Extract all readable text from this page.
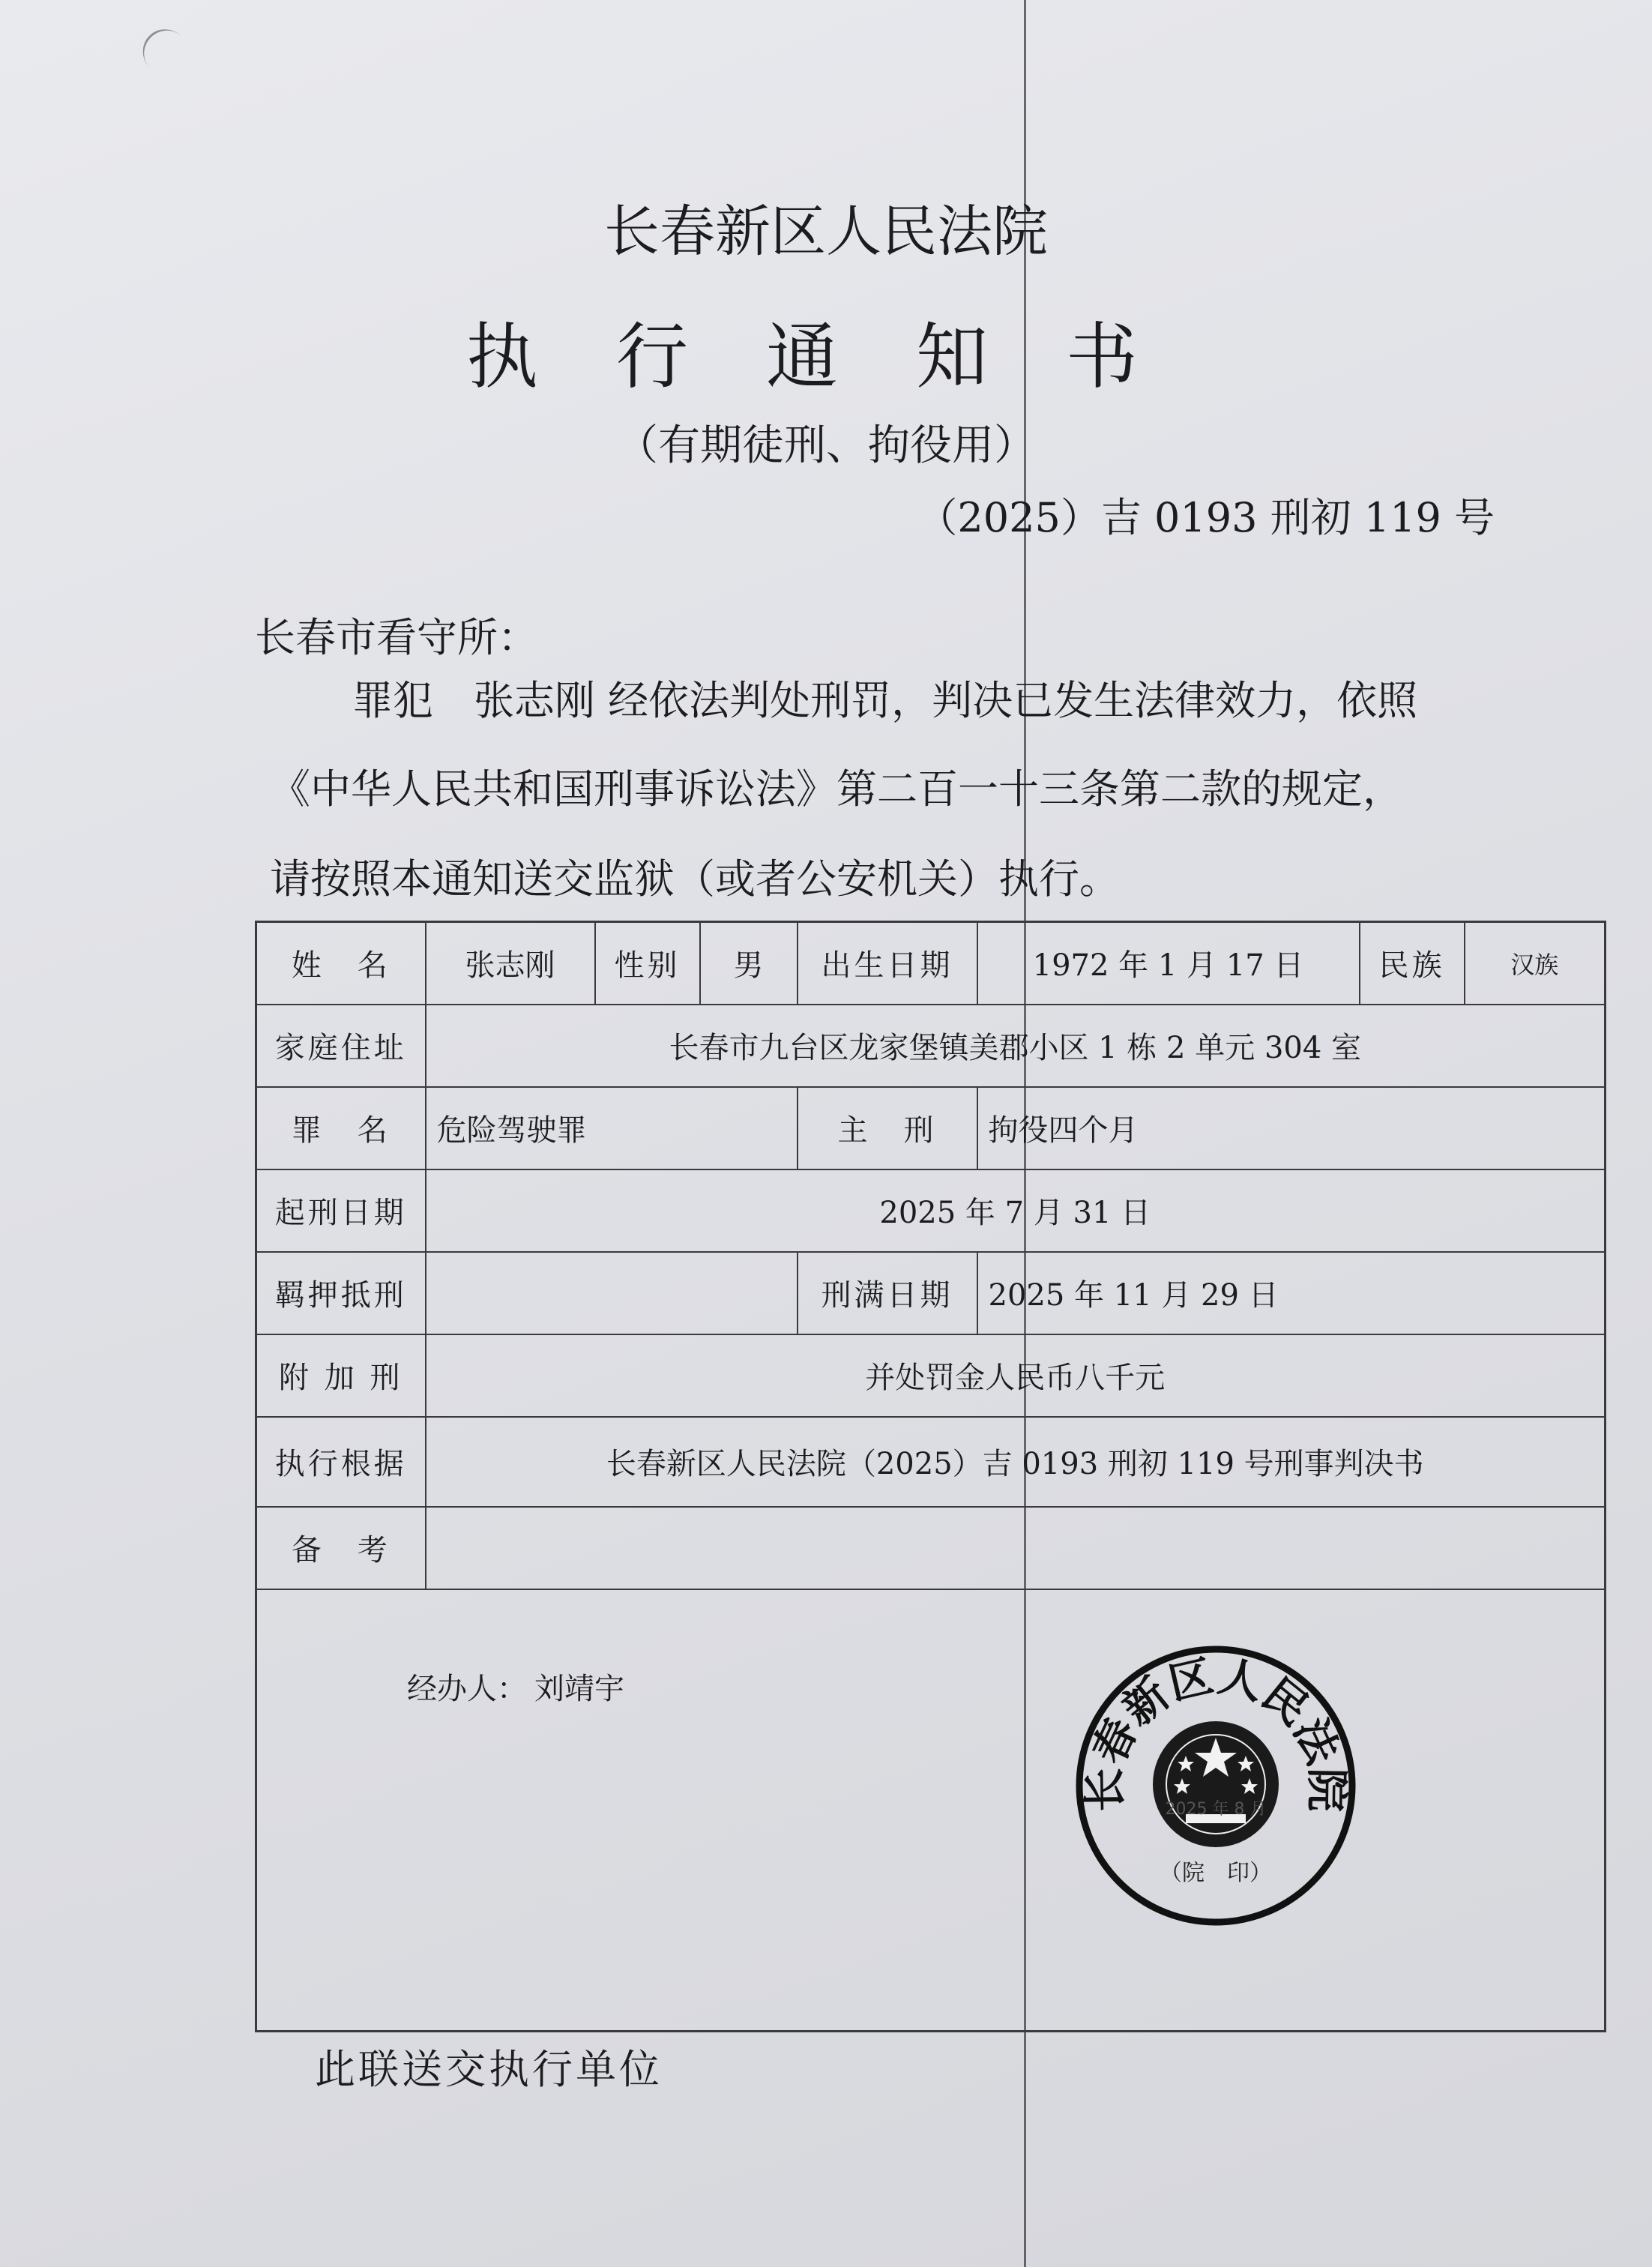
长春新区人民法院
执行通知书
（有期徒刑、拘役用）
（2025）吉 0193 刑初 119 号
长春市看守所：
罪犯　张志刚 经依法判处刑罚，判决已发生法律效力，依照
《中华人民共和国刑事诉讼法》第二百一十三条第二款的规定，
请按照本通知送交监狱（或者公安机关）执行。
姓　名	张志刚	性别	男	出生日期	1972 年 1 月 17 日	民族	汉族
家庭住址	长春市九台区龙家堡镇美郡小区 1 栋 2 单元 304 室						
罪　名	危险驾驶罪			主　刑	拘役四个月		
起刑日期	2025 年 7 月 31 日						
羁押抵刑				刑满日期	2025 年 11 月 29 日		
附 加 刑	并处罚金人民币八千元						
执行根据	长春新区人民法院（2025）吉 0193 刑初 119 号刑事判决书						
备　考							

经办人： 刘靖宇							
长春新区人民法院
2025 年 8 月
（院　印）
此联送交执行单位
